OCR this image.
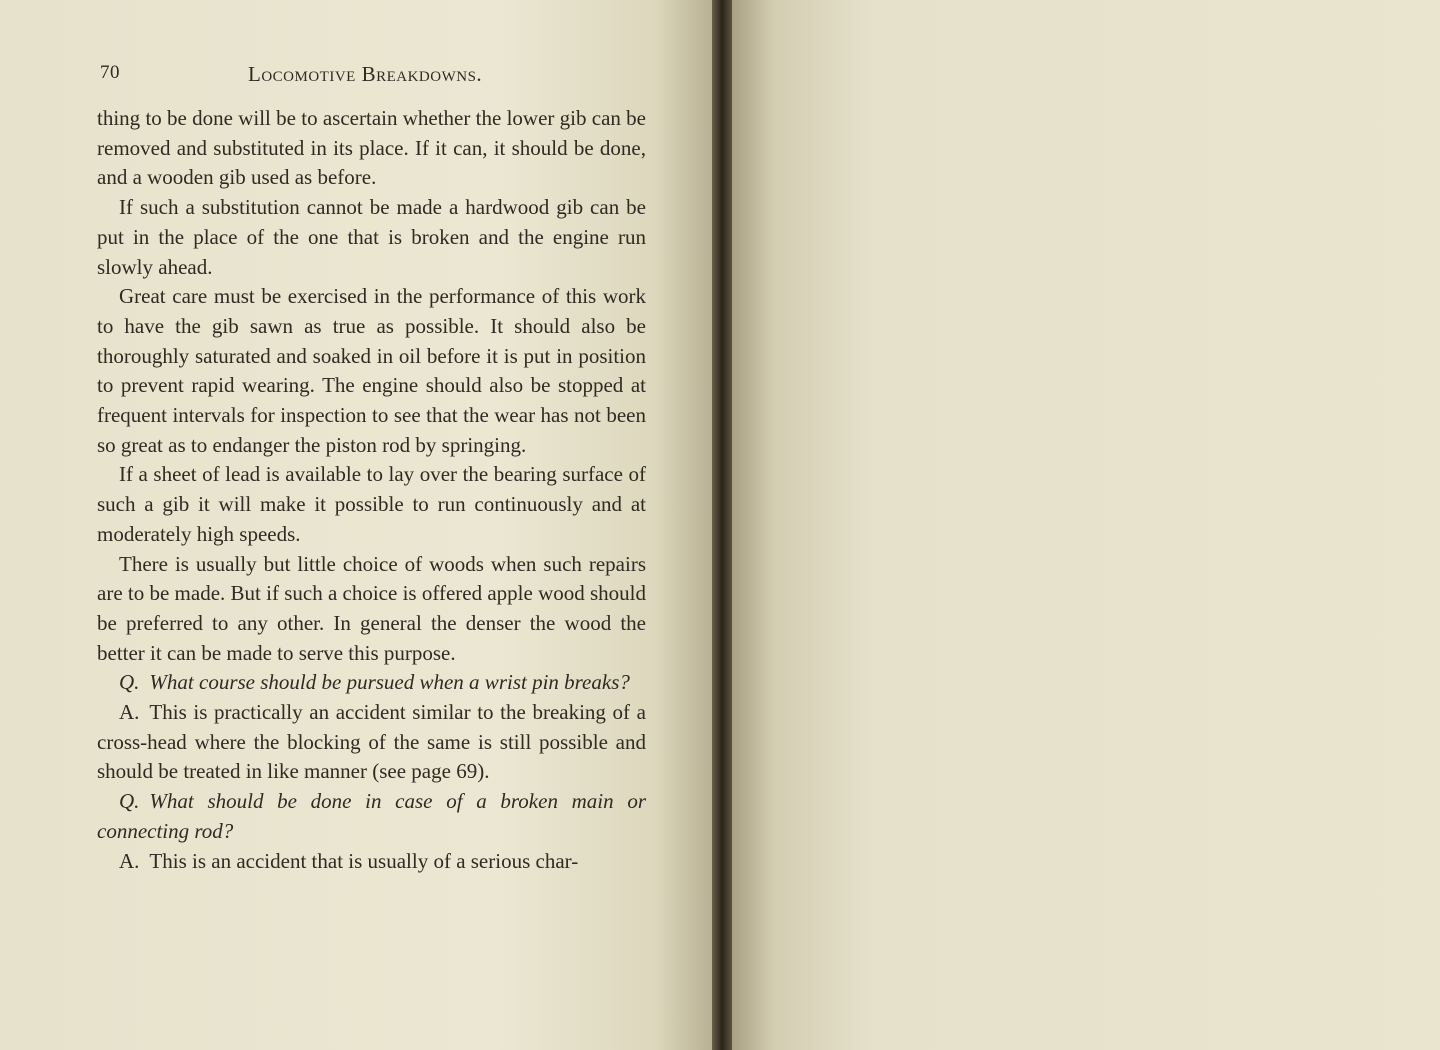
70	Locomotive Breakdowns.

thing to be done will be to ascertain whether the lower gib can be removed and substituted in its place. If it can, it should be done, and a wooden gib used as before.

If such a substitution cannot be made a hardwood gib can be put in the place of the one that is broken and the engine run slowly ahead.

Great care must be exercised in the performance of this work to have the gib sawn as true as possible. It should also be thoroughly saturated and soaked in oil before it is put in position to prevent rapid wearing. The engine should also be stopped at frequent intervals for inspection to see that the wear has not been so great as to endanger the piston rod by springing.

If a sheet of lead is available to lay over the bearing surface of such a gib it will make it possible to run continuously and at moderately high speeds.

There is usually but little choice of woods when such repairs are to be made. But if such a choice is offered apple wood should be preferred to any other. In general the denser the wood the better it can be made to serve this purpose.

Q. What course should be pursued when a wrist pin breaks?

A. This is practically an accident similar to the breaking of a cross-head where the blocking of the same is still possible and should be treated in like manner (see page 69).

Q. What should be done in case of a broken main or connecting rod?

A. This is an accident that is usually of a serious char-
